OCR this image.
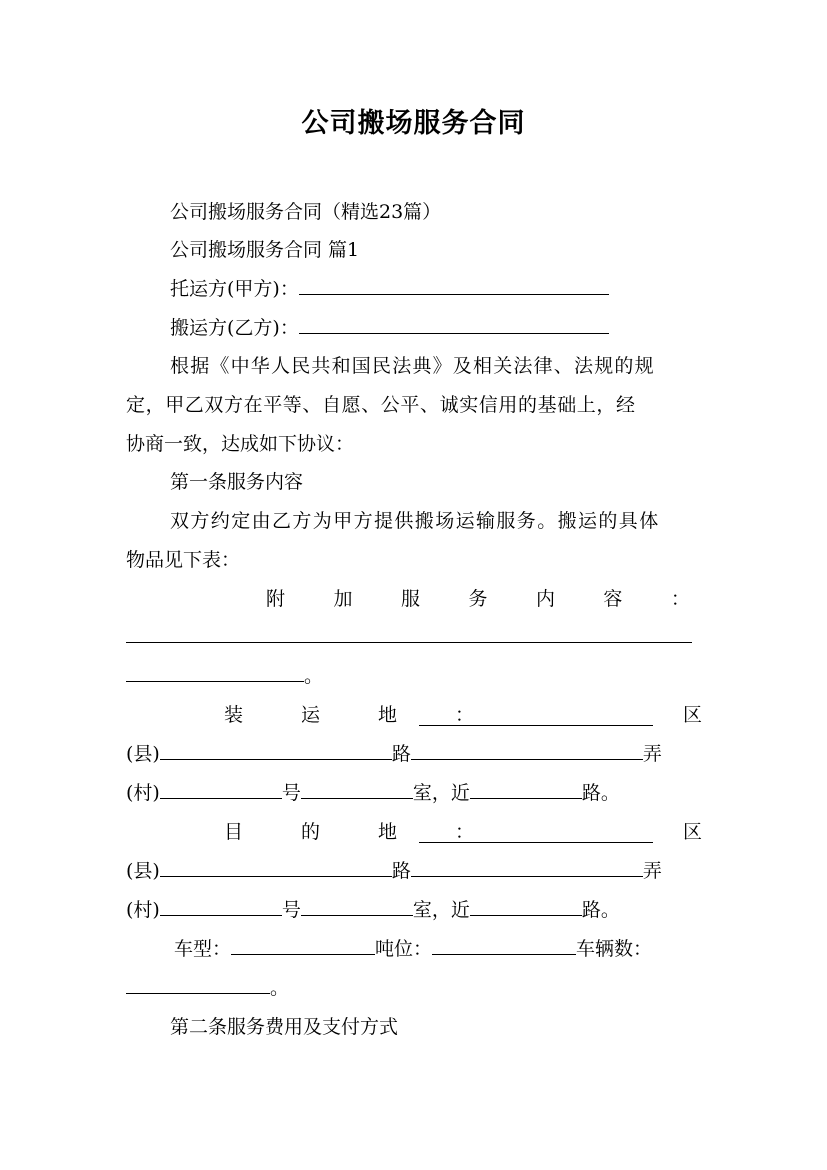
公司搬场服务合同
公司搬场服务合同（精选23篇）
公司搬场服务合同 篇1
托运方(甲方)：
搬运方(乙方)：
根据《中华人民共和国民法典》及相关法律、法规的规
定，甲乙双方在平等、自愿、公平、诚实信用的基础上，经
协商一致，达成如下协议：
第一条服务内容
双方约定由乙方为甲方提供搬场运输服务。搬运的具体
物品见下表：
附	加	服	务	内	容	：
。
装	运	地	：	区
(县)	路	弄
(村)	号	室，近	路。
目	的	地	：	区
(县)	路	弄
(村)	号	室，近	路。
车型：	吨位：	车辆数：
。
第二条服务费用及支付方式
